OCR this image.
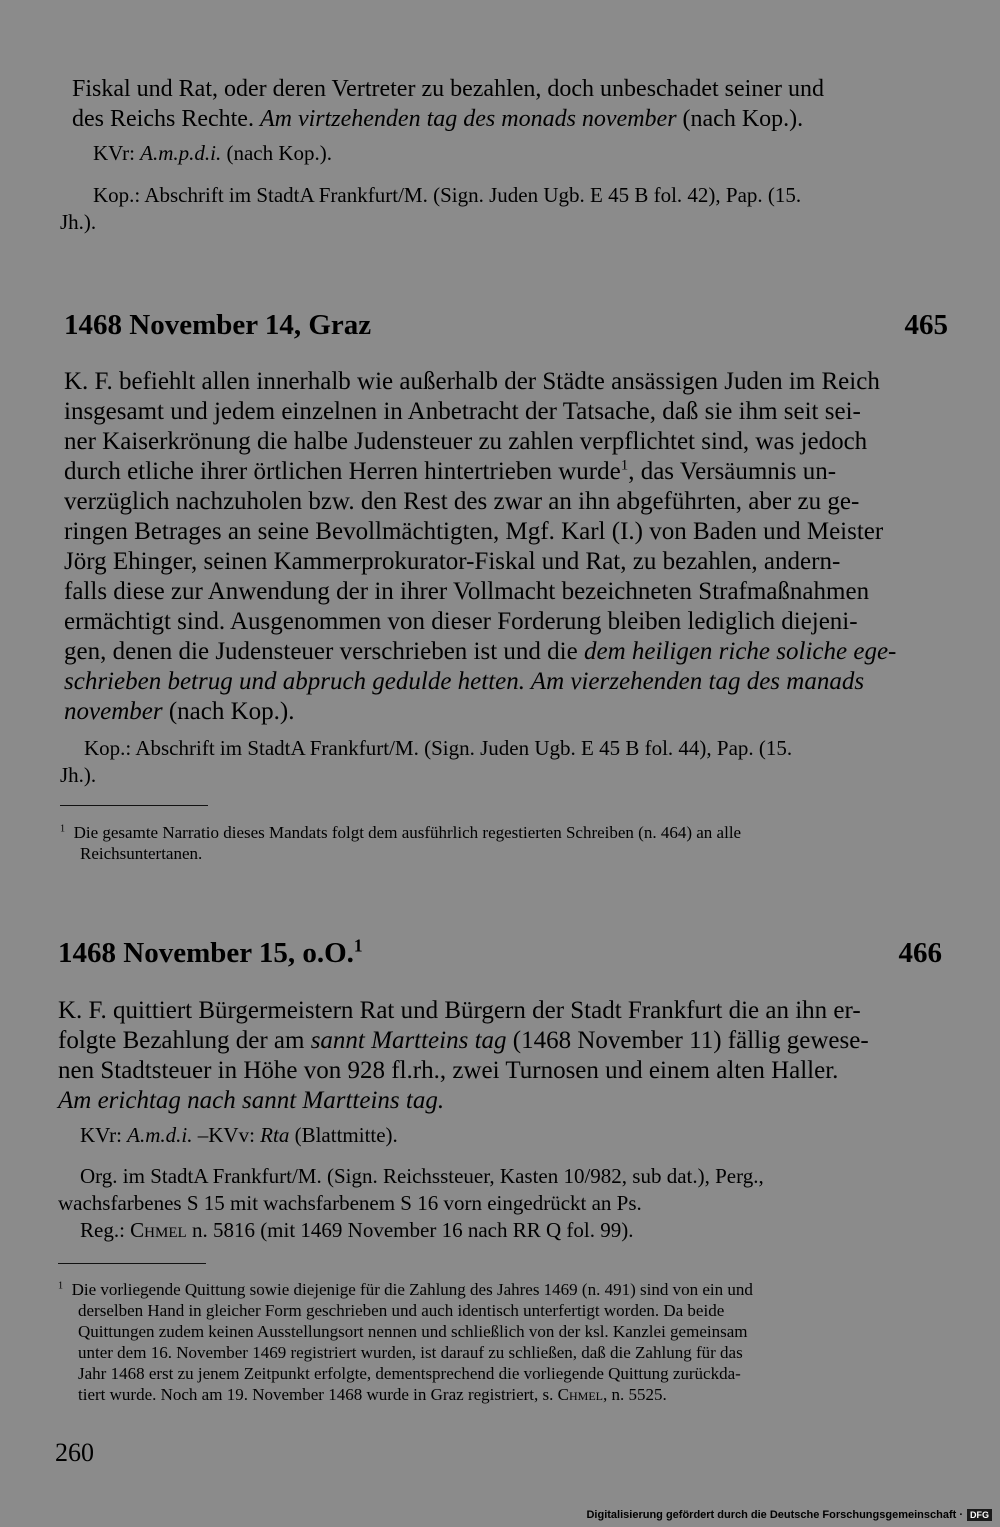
Fiskal und Rat, oder deren Vertreter zu bezahlen, doch unbeschadet seiner und

des Reichs Rechte. Am virtzehenden tag des monads november (nach Kop.).

KVr: A.m.p.d.i. (nach Kop.).

Kop.: Abschrift im StadtA Frankfurt/M. (Sign. Juden Ugb. E 45 B fol. 42), Pap. (15.

Jh.).

1468 November 14, Graz	465

K. F. befiehlt allen innerhalb wie außerhalb der Städte ansässigen Juden im Reich

insgesamt und jedem einzelnen in Anbetracht der Tatsache, daß sie ihm seit sei-

ner Kaiserkrönung die halbe Judensteuer zu zahlen verpflichtet sind, was jedoch

durch etliche ihrer örtlichen Herren hintertrieben wurde$^1$, das Versäumnis un-

verzüglich nachzuholen bzw. den Rest des zwar an ihn abgeführten, aber zu ge-

ringen Betrages an seine Bevollmächtigten, Mgf. Karl (I.) von Baden und Meister

Jörg Ehinger, seinen Kammerprokurator-Fiskal und Rat, zu bezahlen, andern-

falls diese zur Anwendung der in ihrer Vollmacht bezeichneten Strafmaßnahmen

ermächtigt sind. Ausgenommen von dieser Forderung bleiben lediglich diejeni-

gen, denen die Judensteuer verschrieben ist und die dem heiligen riche soliche ege-

schrieben betrug und abpruch gedulde hetten. Am vierzehenden tag des manads

november (nach Kop.).

Kop.: Abschrift im StadtA Frankfurt/M. (Sign. Juden Ugb. E 45 B fol. 44), Pap. (15.

Jh.).

$^1$ Die gesamte Narratio dieses Mandats folgt dem ausführlich regestierten Schreiben (n. 464) an alle

Reichsuntertanen.

1468 November 15, o.O.$^1$	466

K. F. quittiert Bürgermeistern Rat und Bürgern der Stadt Frankfurt die an ihn er-

folgte Bezahlung der am sannt Martteins tag (1468 November 11) fällig gewese-

nen Stadtsteuer in Höhe von 928 fl.rh., zwei Turnosen und einem alten Haller.

Am erichtag nach sannt Martteins tag.

KVr: A.m.d.i. –KVv: Rta (Blattmitte).

Org. im StadtA Frankfurt/M. (Sign. Reichssteuer, Kasten 10/982, sub dat.), Perg.,

wachsfarbenes S 15 mit wachsfarbenem S 16 vorn eingedrückt an Ps.

Reg.: Chmel n. 5816 (mit 1469 November 16 nach RR Q fol. 99).

$^1$ Die vorliegende Quittung sowie diejenige für die Zahlung des Jahres 1469 (n. 491) sind von ein und

derselben Hand in gleicher Form geschrieben und auch identisch unterfertigt worden. Da beide

Quittungen zudem keinen Ausstellungsort nennen und schließlich von der ksl. Kanzlei gemeinsam

unter dem 16. November 1469 registriert wurden, ist darauf zu schließen, daß die Zahlung für das

Jahr 1468 erst zu jenem Zeitpunkt erfolgte, dementsprechend die vorliegende Quittung zurückda-

tiert wurde. Noch am 19. November 1468 wurde in Graz registriert, s. Chmel, n. 5525.

260
Digitalisierung gefördert durch die Deutsche Forschungsgemeinschaft · DFG
